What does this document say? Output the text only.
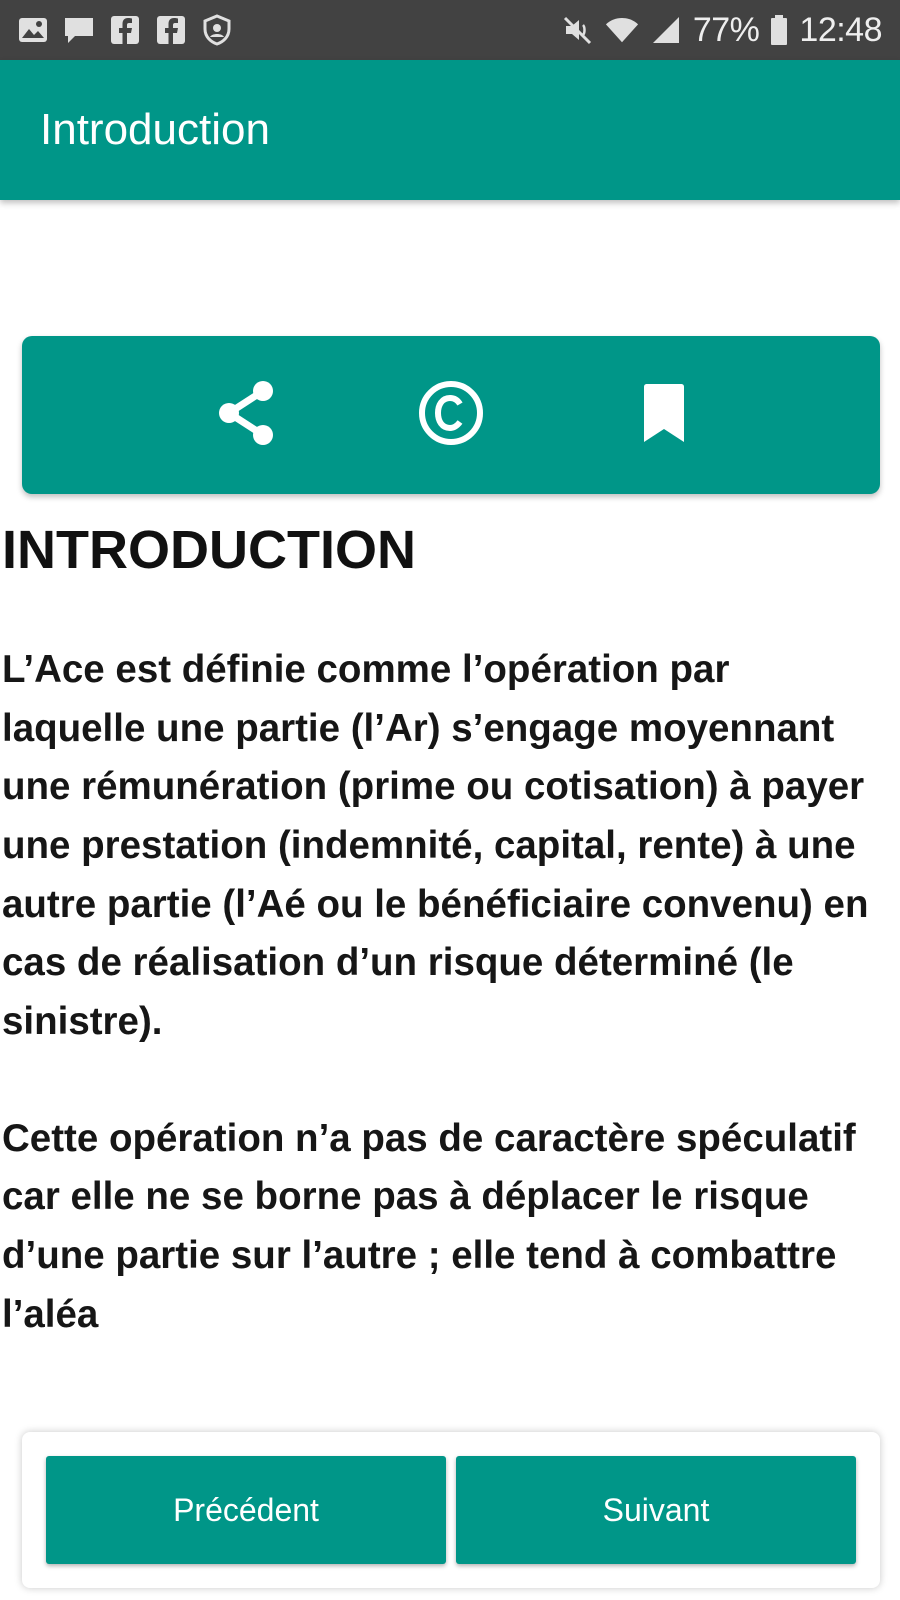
77% 12:48
Introduction
INTRODUCTION

L’Ace est définie comme l’opération par laquelle une partie (l’Ar) s’engage moyennant une rémunération (prime ou cotisation) à payer une prestation (indemnité, capital, rente) à une autre partie (l’Aé ou le bénéficiaire convenu) en cas de réalisation d’un risque déterminé (le sinistre).

Cette opération n’a pas de caractère spéculatif car elle ne se borne pas à déplacer le risque d’une partie sur l’autre ; elle tend à combattre l’aléa

Précédent	Suivant
